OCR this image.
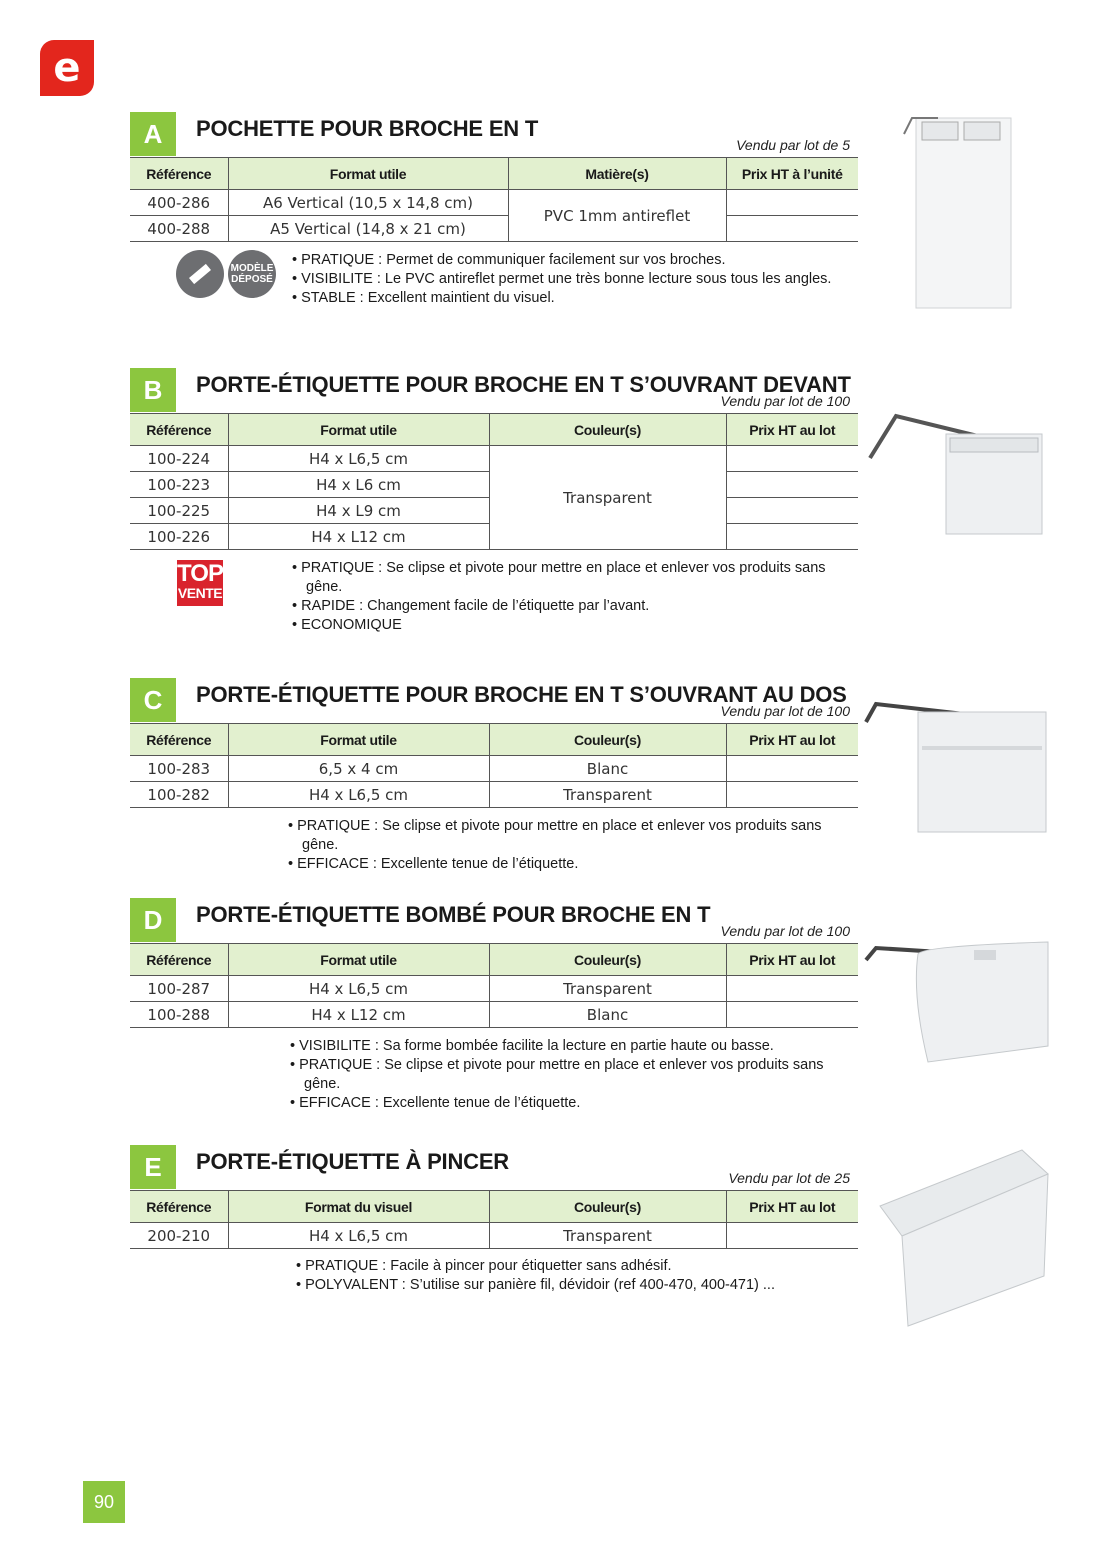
e
A	POCHETTE POUR BROCHE EN T
Vendu par lot de 5
Référence	Format utile	Matière(s)	Prix HT à l’unité
400-286	A6 Vertical (10,5 x 14,8 cm)	PVC 1mm antireflet	
400-288	A5 Vertical (14,8 x 21 cm)		
MODÈLE DÉPOSÉ
• PRATIQUE : Permet de communiquer facilement sur vos broches.
• VISIBILITE : Le PVC antireflet permet une très bonne lecture sous tous les angles.
• STABLE : Excellent maintient du visuel.
B	PORTE-ÉTIQUETTE POUR BROCHE EN T S’OUVRANT DEVANT
Vendu par lot de 100
Référence	Format utile	Couleur(s)	Prix HT au lot
100-224	H4 x L6,5 cm	Transparent	
100-223	H4 x L6 cm		
100-225	H4 x L9 cm		
100-226	H4 x L12 cm		
TOP
VENTE
• PRATIQUE : Se clipse et pivote pour mettre en place et enlever vos produits sans gêne.
• RAPIDE : Changement facile de l’étiquette par l’avant.
• ECONOMIQUE
C	PORTE-ÉTIQUETTE POUR BROCHE EN T S’OUVRANT AU DOS
Vendu par lot de 100
Référence	Format utile	Couleur(s)	Prix HT au lot
100-283	6,5 x 4 cm	Blanc	
100-282	H4 x L6,5 cm	Transparent	
• PRATIQUE : Se clipse et pivote pour mettre en place et enlever vos produits sans gêne.
• EFFICACE : Excellente tenue de l’étiquette.
D	PORTE-ÉTIQUETTE BOMBÉ POUR BROCHE EN T
Vendu par lot de 100
Référence	Format utile	Couleur(s)	Prix HT au lot
100-287	H4 x L6,5 cm	Transparent	
100-288	H4 x L12 cm	Blanc	
• VISIBILITE : Sa forme bombée facilite la lecture en partie haute ou basse.
• PRATIQUE : Se clipse et pivote pour mettre en place et enlever vos produits sans gêne.
• EFFICACE : Excellente tenue de l’étiquette.
E	PORTE-ÉTIQUETTE À PINCER
Vendu par lot de 25
Référence	Format du visuel	Couleur(s)	Prix HT au lot
200-210	H4 x L6,5 cm	Transparent	
• PRATIQUE : Facile à pincer pour étiquetter sans adhésif.
• POLYVALENT : S’utilise sur panière fil, dévidoir (ref 400-470, 400-471) ...
90
